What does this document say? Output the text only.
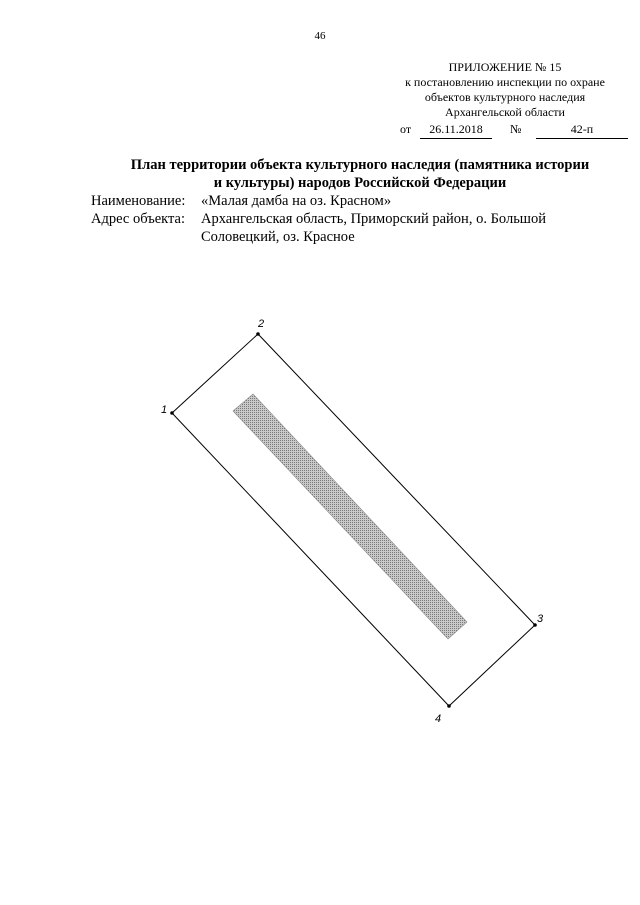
46
ПРИЛОЖЕНИЕ № 15
к постановлению инспекции по охране
объектов культурного наследия
Архангельской области
от	26.11.2018	№	42-п
План территории объекта культурного наследия (памятника истории
и культуры) народов Российской Федерации
Наименование:	«Малая дамба на оз. Красном»
Адрес объекта:	Архангельская область, Приморский район, о. Большой
Соловецкий, оз. Красное
1
2
3
4
